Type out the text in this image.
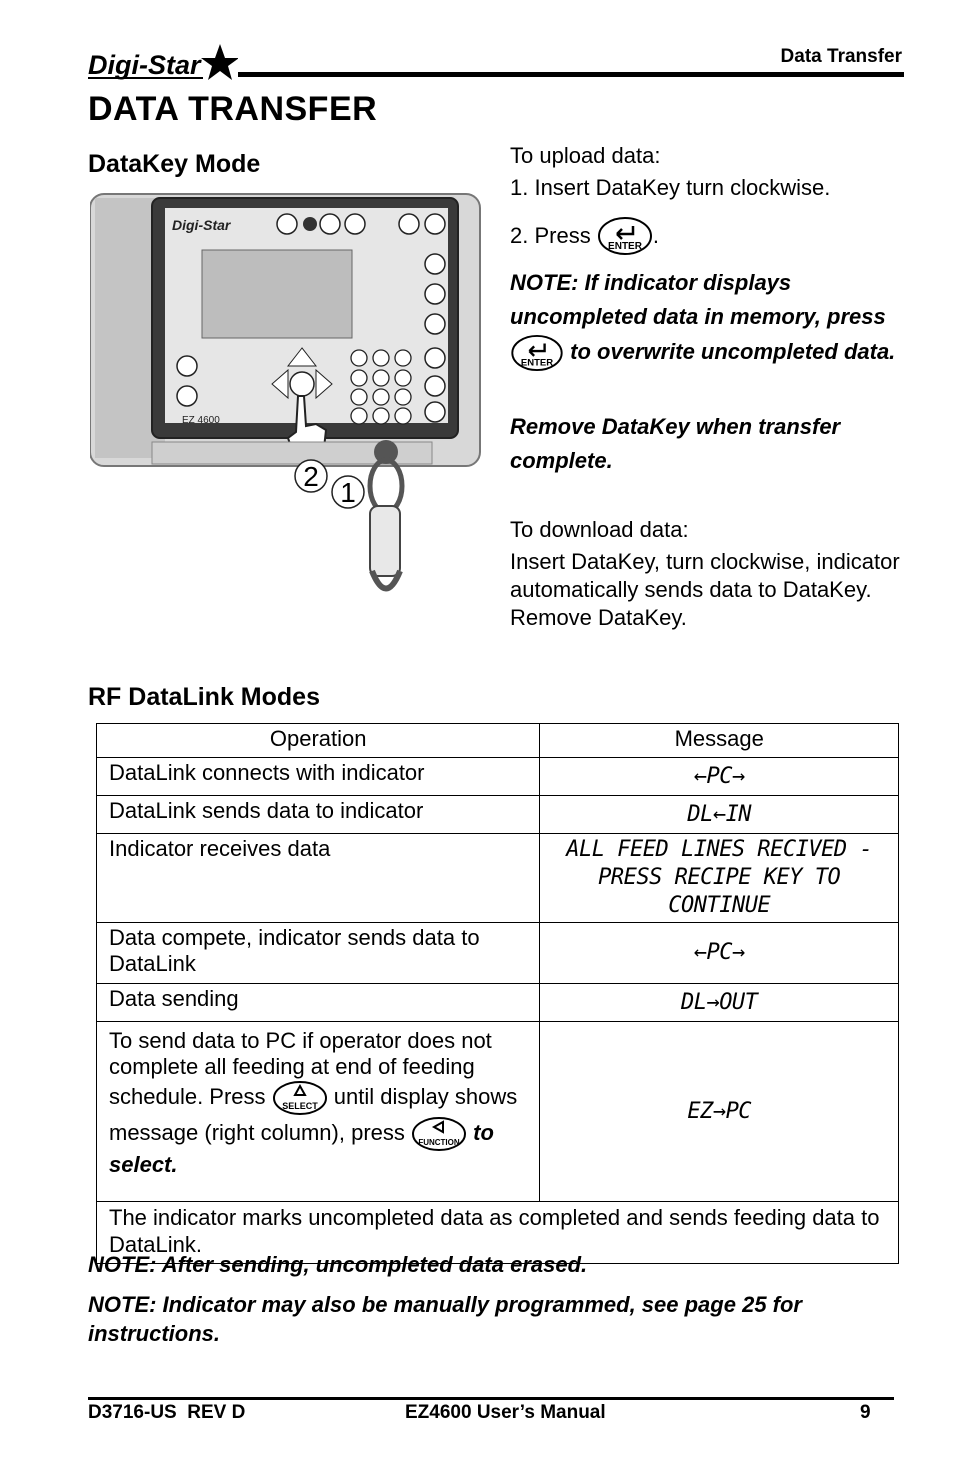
Digi-Star	Data Transfer
DATA TRANSFER
DataKey Mode
Digi-Star
EZ 4600
2
1
To upload data:
1. Insert DataKey turn clockwise.
2. Press
ENTER .
NOTE: If indicator displays uncompleted data in memory, press
ENTER to overwrite uncompleted data.
Remove DataKey when transfer complete.
To download data:
Insert DataKey, turn clockwise, indicator automatically sends data to DataKey. Remove DataKey.
RF DataLink Modes
Operation	Message
DataLink connects with indicator	←PC→
DataLink sends data to indicator	DL←IN
Indicator receives data	ALL FEED LINES RECIVED -PRESS RECIPE KEY TO CONTINUE
Data compete, indicator sends data to DataLink	←PC→
Data sending	DL→OUT
To send data to PC if operator does not complete all feeding at end of feeding schedule. Press SELECT until display shows message (right column), press FUNCTION to select.	EZ→PC
The indicator marks uncompleted data as completed and sends feeding data to DataLink.	
NOTE: After sending, uncompleted data erased.
NOTE: Indicator may also be manually programmed, see page 25 for instructions.
D3716-US  REV D	EZ4600 User’s Manual	9
